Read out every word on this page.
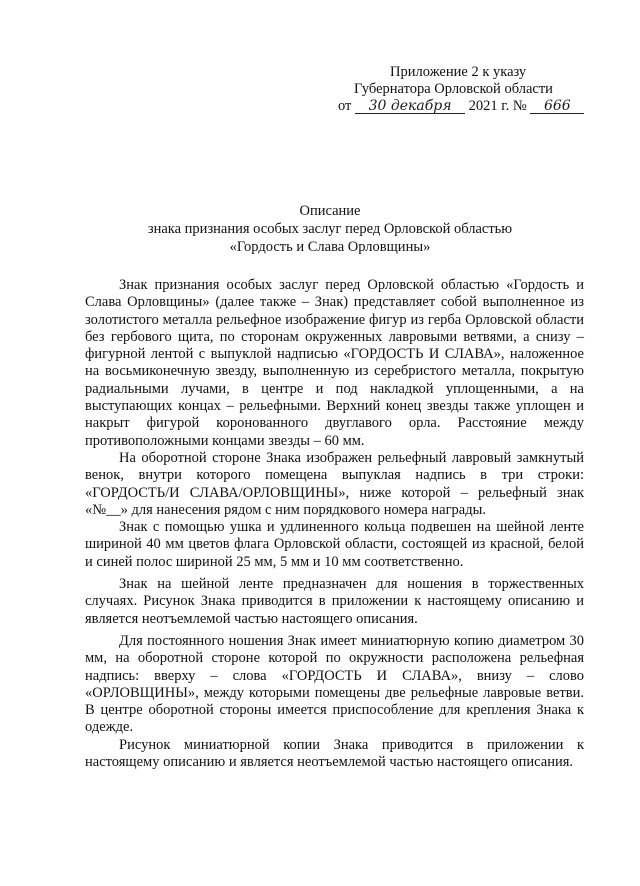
Приложение 2 к указу
Губернатора Орловской области
от 30 декабря 2021 г. № 666
Описание
знака признания особых заслуг перед Орловской областью
«Гордость и Слава Орловщины»

Знак признания особых заслуг перед Орловской областью «Гордость и Слава Орловщины» (далее также – Знак) представляет собой выполненное из золотистого металла рельефное изображение фигур из герба Орловской области без гербового щита, по сторонам окруженных лавровыми ветвями, а снизу – фигурной лентой с выпуклой надписью «ГОРДОСТЬ И СЛАВА», наложенное на восьмиконечную звезду, выполненную из серебристого металла, покрытую радиальными лучами, в центре и под накладкой уплощенными, а на выступающих концах – рельефными. Верхний конец звезды также уплощен и накрыт фигурой коронованного двуглавого орла. Расстояние между противоположными концами звезды – 60 мм.

На оборотной стороне Знака изображен рельефный лавровый замкнутый венок, внутри которого помещена выпуклая надпись в три строки: «ГОРДОСТЬ/И СЛАВА/ОРЛОВЩИНЫ», ниже которой – рельефный знак «№__» для нанесения рядом с ним порядкового номера награды.

Знак с помощью ушка и удлиненного кольца подвешен на шейной ленте шириной 40 мм цветов флага Орловской области, состоящей из красной, белой и синей полос шириной 25 мм, 5 мм и 10 мм соответственно.

Знак на шейной ленте предназначен для ношения в торжественных случаях. Рисунок Знака приводится в приложении к настоящему описанию и является неотъемлемой частью настоящего описания.

Для постоянного ношения Знак имеет миниатюрную копию диаметром 30 мм, на оборотной стороне которой по окружности расположена рельефная надпись: вверху – слова «ГОРДОСТЬ И СЛАВА», внизу – слово «ОРЛОВЩИНЫ», между которыми помещены две рельефные лавровые ветви. В центре оборотной стороны имеется приспособление для крепления Знака к одежде.

Рисунок миниатюрной копии Знака приводится в приложении к настоящему описанию и является неотъемлемой частью настоящего описания.
